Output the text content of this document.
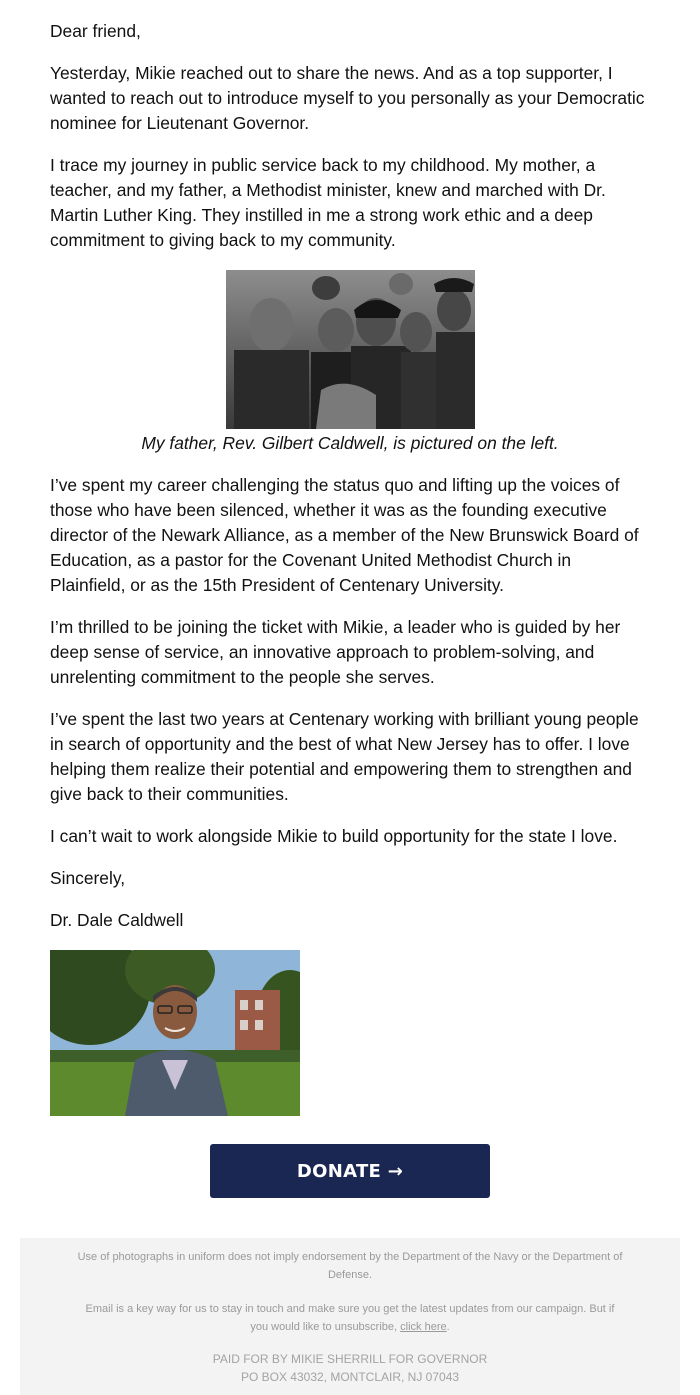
Dear friend,

Yesterday, Mikie reached out to share the news. And as a top supporter, I wanted to reach out to introduce myself to you personally as your Democratic nominee for Lieutenant Governor.

I trace my journey in public service back to my childhood. My mother, a teacher, and my father, a Methodist minister, knew and marched with Dr. Martin Luther King. They instilled in me a strong work ethic and a deep commitment to giving back to my community.

My father, Rev. Gilbert Caldwell, is pictured on the left.

I’ve spent my career challenging the status quo and lifting up the voices of those who have been silenced, whether it was as the founding executive director of the Newark Alliance, as a member of the New Brunswick Board of Education, as a pastor for the Covenant United Methodist Church in Plainfield, or as the 15th President of Centenary University.

I’m thrilled to be joining the ticket with Mikie, a leader who is guided by her deep sense of service, an innovative approach to problem-solving, and unrelenting commitment to the people she serves.

I’ve spent the last two years at Centenary working with brilliant young people in search of opportunity and the best of what New Jersey has to offer. I love helping them realize their potential and empowering them to strengthen and give back to their communities.

I can’t wait to work alongside Mikie to build opportunity for the state I love.

Sincerely,

Dr. Dale Caldwell

DONATE →
Use of photographs in uniform does not imply endorsement by the Department of the Navy or the Department of Defense.
Email is a key way for us to stay in touch and make sure you get the latest updates from our campaign. But if you would like to unsubscribe, click here.
PAID FOR BY MIKIE SHERRILL FOR GOVERNOR
PO BOX 43032, MONTCLAIR, NJ 07043
